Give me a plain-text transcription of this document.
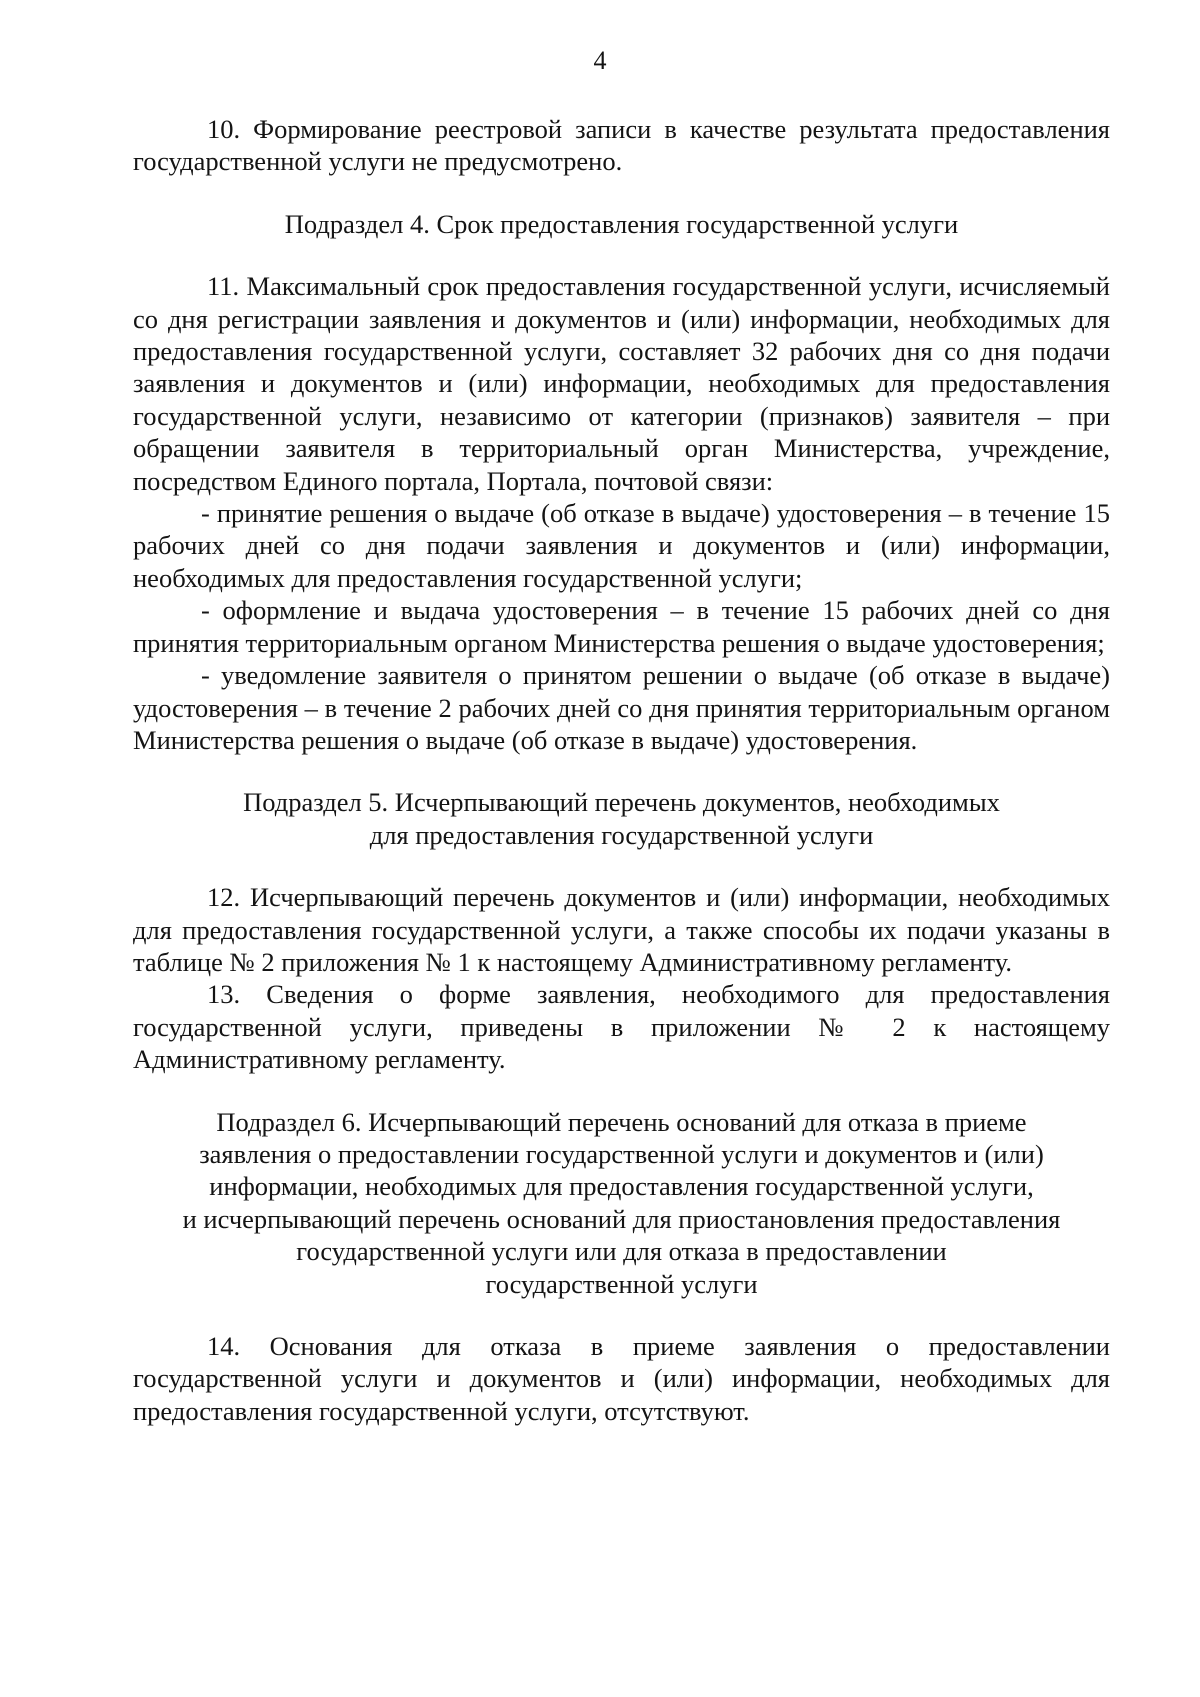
4

10. Формирование реестровой записи в качестве результата предоставления государственной услуги не предусмотрено.

Подраздел 4. Срок предоставления государственной услуги

11. Максимальный срок предоставления государственной услуги, исчисляемый со дня регистрации заявления и документов и (или) информации, необходимых для предоставления государственной услуги, составляет 32 рабочих дня со дня подачи заявления и документов и (или) информации, необходимых для предоставления государственной услуги, независимо от категории (признаков) заявителя – при обращении заявителя в территориальный орган Министерства, учреждение, посредством Единого портала, Портала, почтовой связи:

- принятие решения о выдаче (об отказе в выдаче) удостоверения – в течение 15 рабочих дней со дня подачи заявления и документов и (или) информации, необходимых для предоставления государственной услуги;

- оформление и выдача удостоверения – в течение 15 рабочих дней со дня принятия территориальным органом Министерства решения о выдаче удостоверения;

- уведомление заявителя о принятом решении о выдаче (об отказе в выдаче) удостоверения – в течение 2 рабочих дней со дня принятия территориальным органом Министерства решения о выдаче (об отказе в выдаче) удостоверения.

Подраздел 5. Исчерпывающий перечень документов, необходимых
для предоставления государственной услуги

12. Исчерпывающий перечень документов и (или) информации, необходимых для предоставления государственной услуги, а также способы их подачи указаны в таблице № 2 приложения № 1 к настоящему Административному регламенту.

13. Сведения о форме заявления, необходимого для предоставления государственной услуги, приведены в приложении № 2 к настоящему Административному регламенту.

Подраздел 6. Исчерпывающий перечень оснований для отказа в приеме
заявления о предоставлении государственной услуги и документов и (или)
информации, необходимых для предоставления государственной услуги,
и исчерпывающий перечень оснований для приостановления предоставления
государственной услуги или для отказа в предоставлении
государственной услуги

14. Основания для отказа в приеме заявления о предоставлении государственной услуги и документов и (или) информации, необходимых для предоставления государственной услуги, отсутствуют.
